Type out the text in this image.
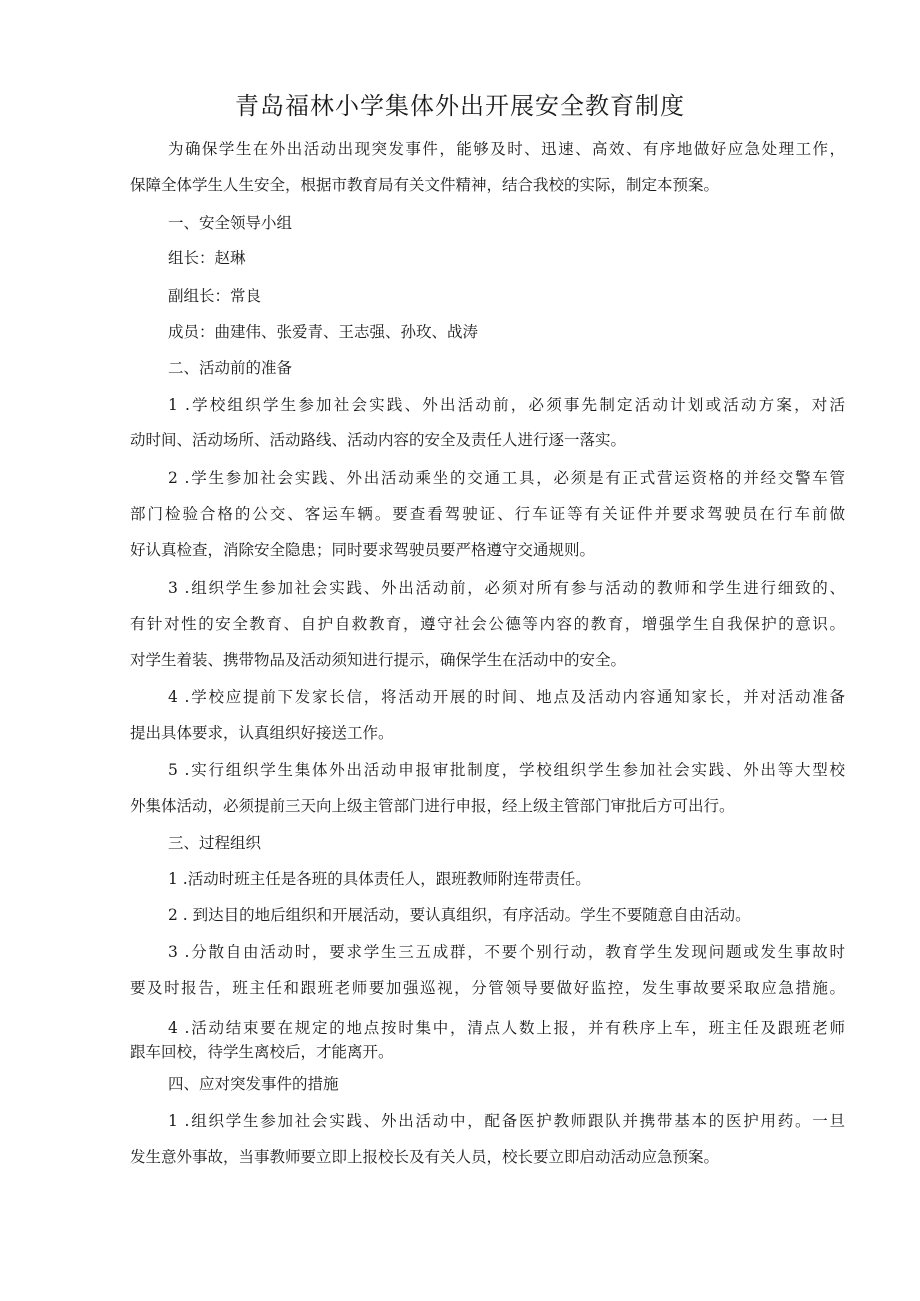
青岛福林小学集体外出开展安全教育制度

为确保学生在外出活动出现突发事件，能够及时、迅速、高效、有序地做好应急处理工作，

保障全体学生人生安全，根据市教育局有关文件精神，结合我校的实际，制定本预案。

一、安全领导小组

组长：赵琳

副组长：常良

成员：曲建伟、张爱青、王志强、孙玫、战涛

二、活动前的准备

1 .学校组织学生参加社会实践、外出活动前，必须事先制定活动计划或活动方案，对活

动时间、活动场所、活动路线、活动内容的安全及责任人进行逐一落实。

2 .学生参加社会实践、外出活动乘坐的交通工具，必须是有正式营运资格的并经交警车管

部门检验合格的公交、客运车辆。要查看驾驶证、行车证等有关证件并要求驾驶员在行车前做

好认真检查，消除安全隐患；同时要求驾驶员要严格遵守交通规则。

3 .组织学生参加社会实践、外出活动前，必须对所有参与活动的教师和学生进行细致的、

有针对性的安全教育、自护自救教育，遵守社会公德等内容的教育，增强学生自我保护的意识。

对学生着装、携带物品及活动须知进行提示，确保学生在活动中的安全。

4 .学校应提前下发家长信，将活动开展的时间、地点及活动内容通知家长，并对活动准备

提出具体要求，认真组织好接送工作。

5 .实行组织学生集体外出活动申报审批制度，学校组织学生参加社会实践、外出等大型校

外集体活动，必须提前三天向上级主管部门进行申报，经上级主管部门审批后方可出行。

三、过程组织

1 .活动时班主任是各班的具体责任人，跟班教师附连带责任。

2 . 到达目的地后组织和开展活动，要认真组织，有序活动。学生不要随意自由活动。

3 .分散自由活动时，要求学生三五成群，不要个别行动，教育学生发现问题或发生事故时

要及时报告，班主任和跟班老师要加强巡视，分管领导要做好监控，发生事故要采取应急措施。

4 .活动结束要在规定的地点按时集中，清点人数上报，并有秩序上车，班主任及跟班老师

跟车回校，待学生离校后，才能离开。

四、应对突发事件的措施

1 .组织学生参加社会实践、外出活动中，配备医护教师跟队并携带基本的医护用药。一旦

发生意外事故，当事教师要立即上报校长及有关人员，校长要立即启动活动应急预案。
